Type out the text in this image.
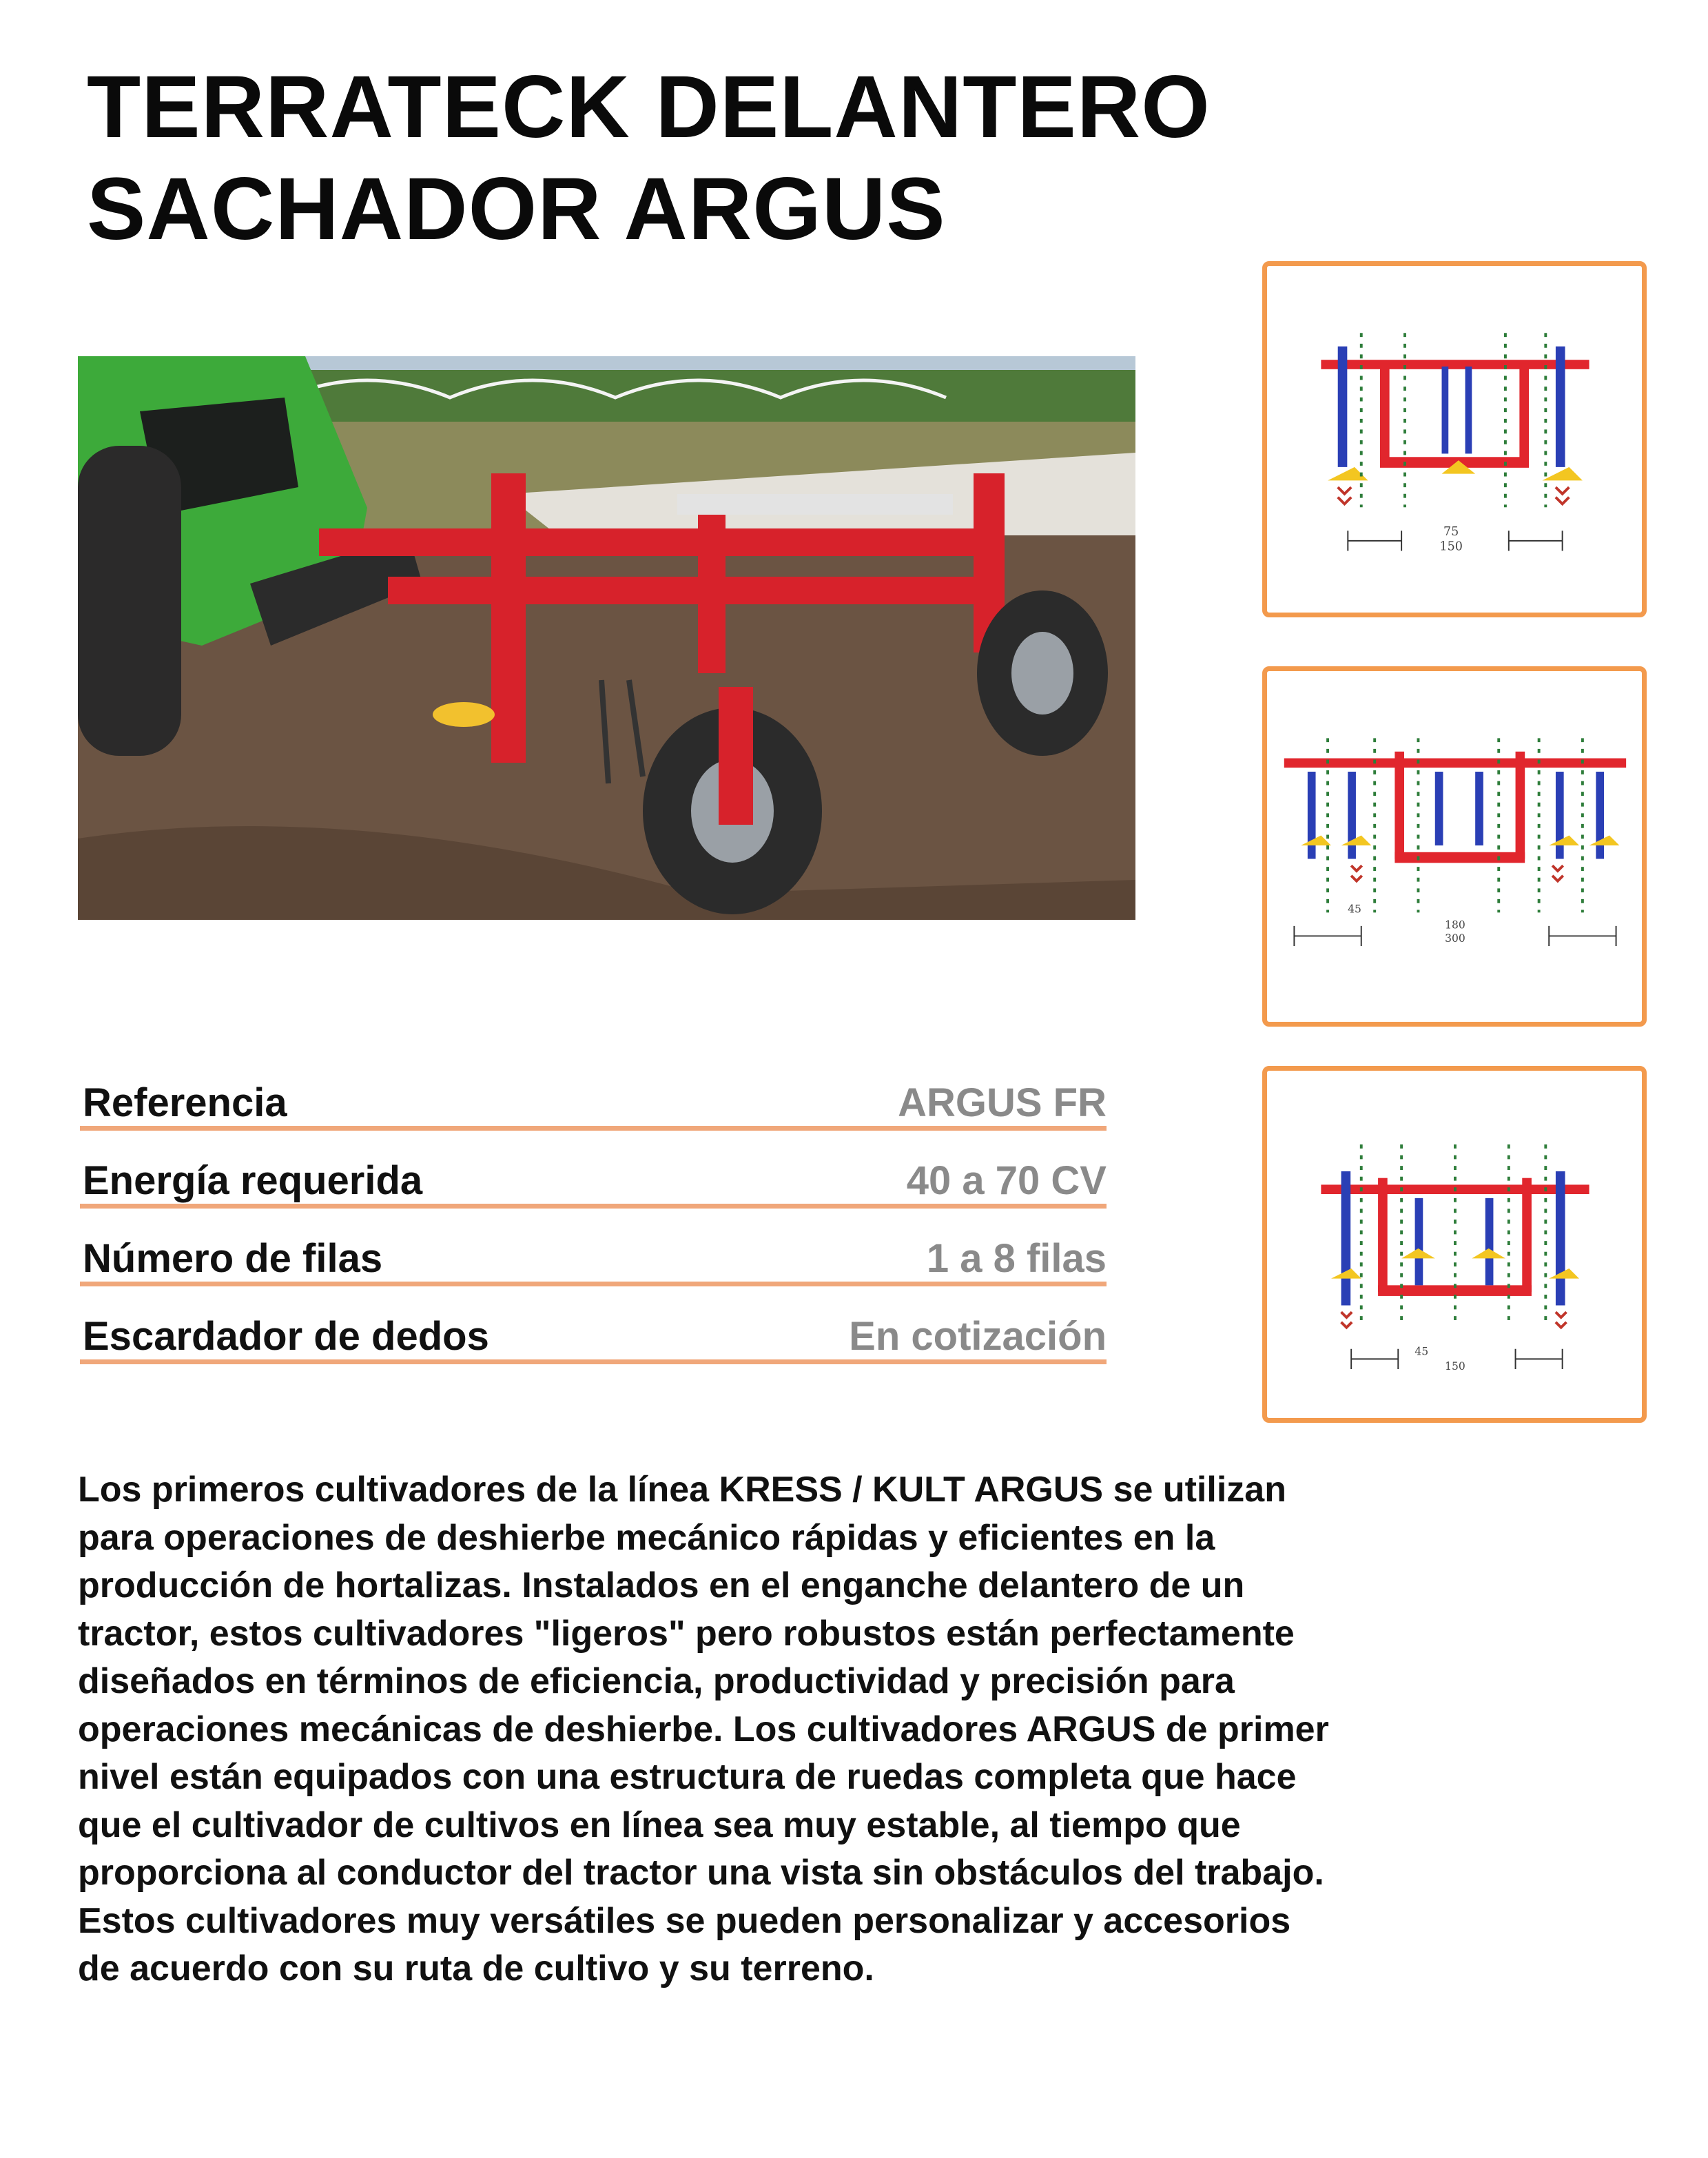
TERRATECK DELANTERO
SACHADOR ARGUS
Referencia	ARGUS FR
Energía requerida	40 a 70 CV
Número de filas	1 a 8 filas
Escardador de dedos	En cotización
75
150
45
180
300
45
150

Los primeros cultivadores de la línea KRESS / KULT ARGUS se utilizan para operaciones de deshierbe mecánico rápidas y eficientes en la producción de hortalizas. Instalados en el enganche delantero de un tractor, estos cultivadores "ligeros" pero robustos están perfectamente diseñados en términos de eficiencia, productividad y precisión para operaciones mecánicas de deshierbe. Los cultivadores ARGUS de primer nivel están equipados con una estructura de ruedas completa que hace que el cultivador de cultivos en línea sea muy estable, al tiempo que proporciona al conductor del tractor una vista sin obstáculos del trabajo. Estos cultivadores muy versátiles se pueden personalizar y accesorios de acuerdo con su ruta de cultivo y su terreno.
